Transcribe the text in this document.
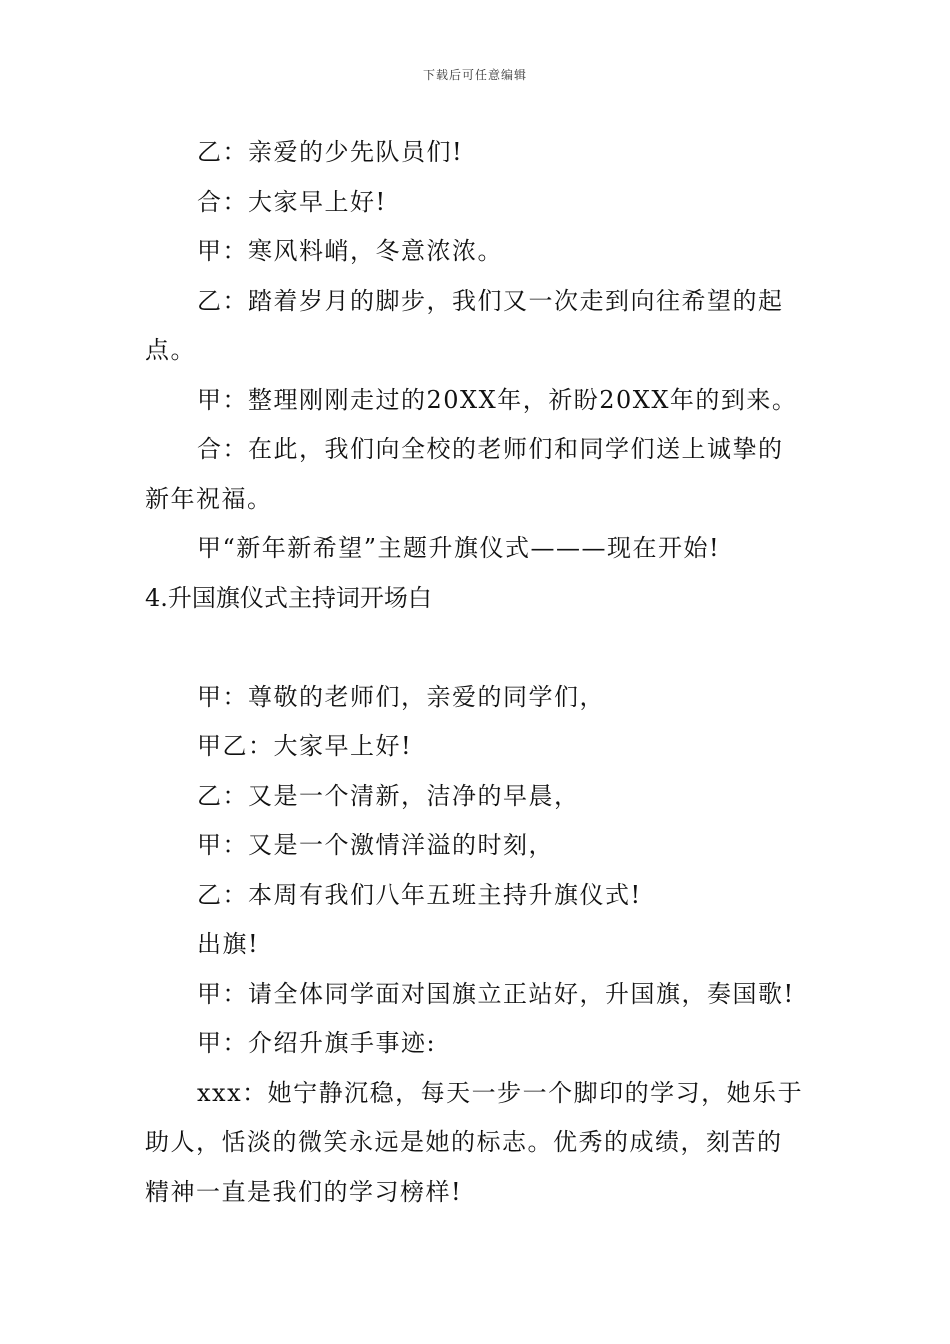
下载后可任意编辑
乙：亲爱的少先队员们!
合：大家早上好!
甲：寒风料峭，冬意浓浓。
乙：踏着岁月的脚步，我们又一次走到向往希望的起
点。
甲：整理刚刚走过的20XX年，祈盼20XX年的到来。
合：在此，我们向全校的老师们和同学们送上诚挚的
新年祝福。
甲“新年新希望”主题升旗仪式———现在开始!
4.升国旗仪式主持词开场白
甲：尊敬的老师们，亲爱的同学们，
甲乙：大家早上好!
乙：又是一个清新，洁净的早晨，
甲：又是一个激情洋溢的时刻，
乙：本周有我们八年五班主持升旗仪式!
出旗!
甲：请全体同学面对国旗立正站好，升国旗，奏国歌!
甲：介绍升旗手事迹:
xxx：她宁静沉稳，每天一步一个脚印的学习，她乐于
助人，恬淡的微笑永远是她的标志。优秀的成绩，刻苦的
精神一直是我们的学习榜样!
